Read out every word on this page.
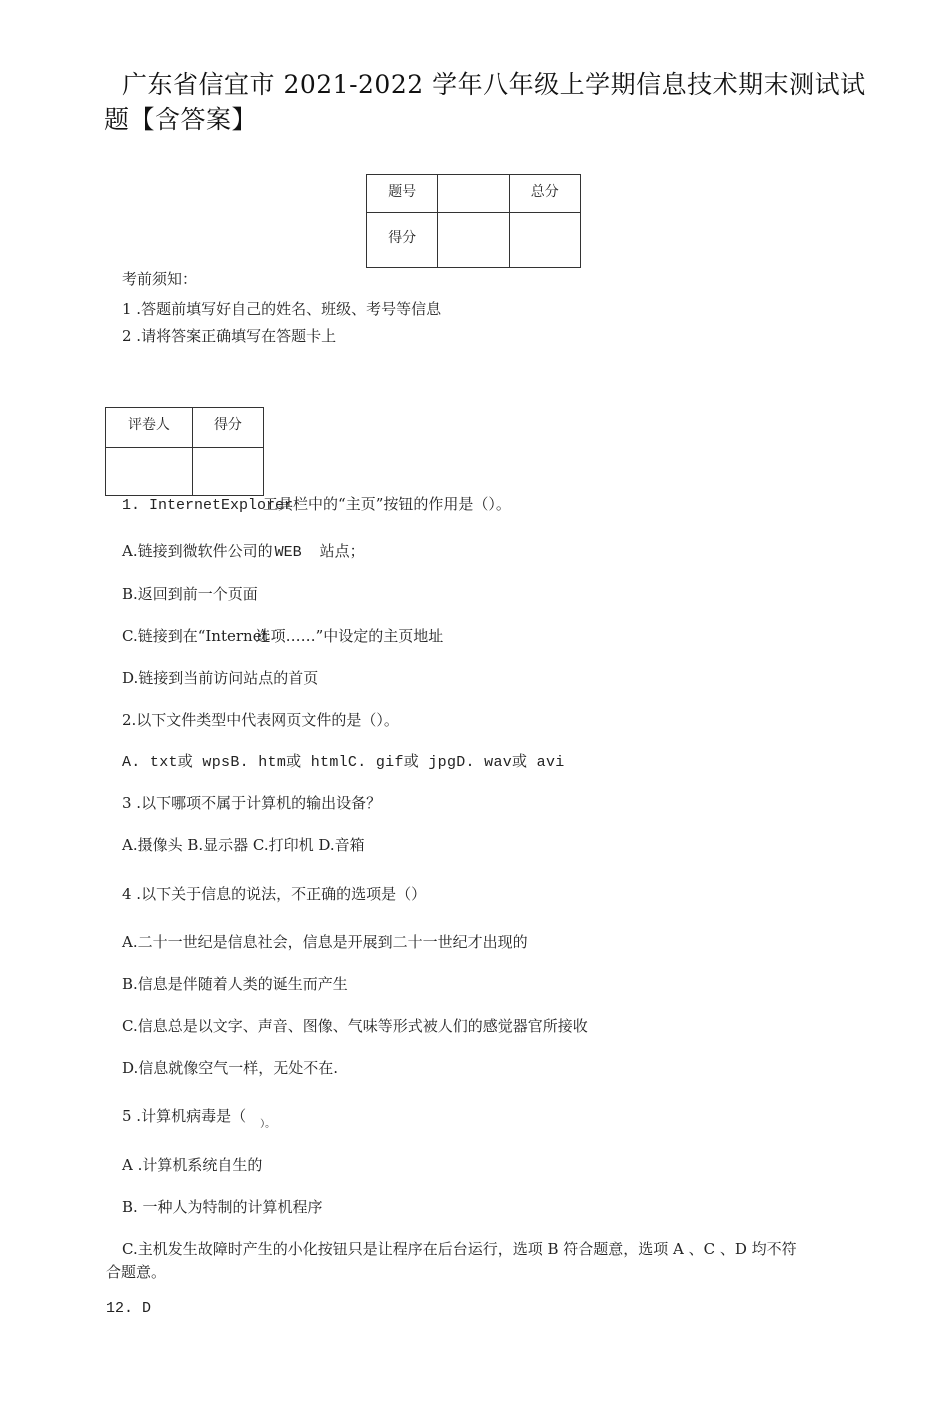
广东省信宜市 2021-2022 学年八年级上学期信息技术期末测试试
题【含答案】
题号		总分
得分		
考前须知：
1 .答题前填写好自己的姓名、班级、考号等信息
2 .请将答案正确填写在答题卡上
评卷人	得分

1. InternetExplorer工具栏中的“主页”按钮的作用是（）。
A.链接到微软件公司的 WEB 站点；
B.返回到前一个页面
C.链接到在“Internet选项……”中设定的主页地址
D.链接到当前访问站点的首页
2.以下文件类型中代表网页文件的是（）。
A. txt或 wpsB. htm或 htmlC. gif或 jpgD. wav或 avi
3 .以下哪项不属于计算机的输出设备？
A.摄像头 B.显示器 C.打印机 D.音箱
4 .以下关于信息的说法，不正确的选项是（）
A.二十一世纪是信息社会，信息是开展到二十一世纪才出现的
B.信息是伴随着人类的诞生而产生
C.信息总是以文字、声音、图像、气味等形式被人们的感觉器官所接收
D.信息就像空气一样，无处不在.
5 .计算机病毒是（ $_{)。}$
A .计算机系统自生的
B. 一种人为特制的计算机程序
C.主机发生故障时产生的小化按钮只是让程序在后台运行，选项 B 符合题意，选项 A 、C 、D 均不符
合题意。
12. D
